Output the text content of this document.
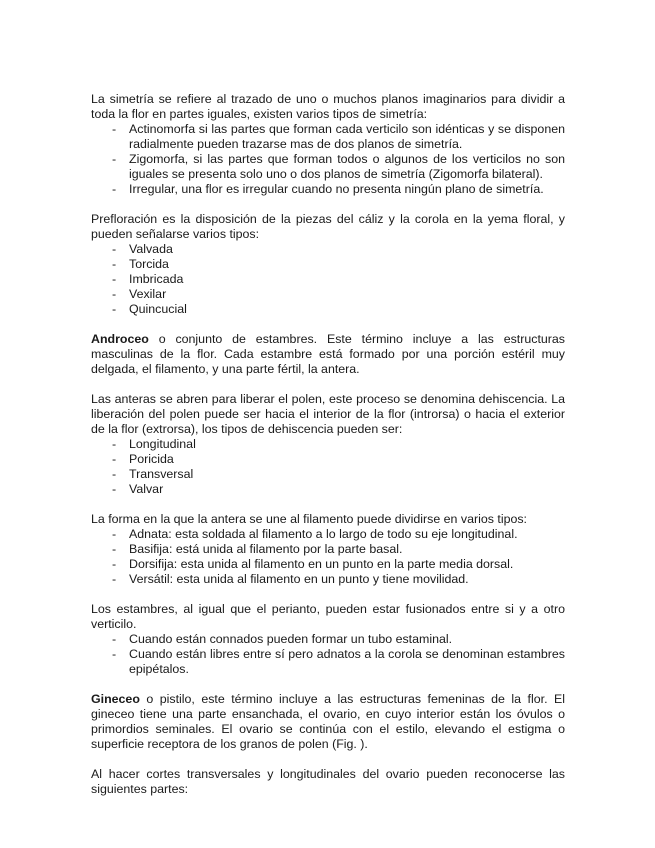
La simetría se refiere al trazado de uno o muchos planos imaginarios para dividir a toda la flor en partes iguales, existen varios tipos de simetría:

- Actinomorfa si las partes que forman cada verticilo son idénticas y se disponen radialmente pueden trazarse mas de dos planos de simetría.
- Zigomorfa, si las partes que forman todos o algunos de los verticilos no son iguales se presenta solo uno o dos planos de simetría (Zigomorfa bilateral).
- Irregular, una flor es irregular cuando no presenta ningún plano de simetría.

Prefloración es la disposición de la piezas del cáliz y la corola en la yema floral, y pueden señalarse varios tipos:

- Valvada
- Torcida
- Imbricada
- Vexilar
- Quincucial

Androceo o conjunto de estambres. Este término incluye a las estructuras masculinas de la flor. Cada estambre está formado por una porción estéril muy delgada, el filamento, y una parte fértil, la antera.

Las anteras se abren para liberar el polen, este proceso se denomina dehiscencia. La liberación del polen puede ser hacia el interior de la flor (introrsa) o hacia el exterior de la flor (extrorsa), los tipos de dehiscencia pueden ser:

- Longitudinal
- Poricida
- Transversal
- Valvar

La forma en la que la antera se une al filamento puede dividirse en varios tipos:

- Adnata: esta soldada al filamento a lo largo de todo su eje longitudinal.
- Basifija: está unida al filamento por la parte basal.
- Dorsifija: esta unida al filamento en un punto en la parte media dorsal.
- Versátil: esta unida al filamento en un punto y tiene movilidad.

Los estambres, al igual que el perianto, pueden estar fusionados entre si y a otro verticilo.

- Cuando están connados pueden formar un tubo estaminal.
- Cuando están libres entre sí pero adnatos a la corola se denominan estambres epipétalos.

Gineceo o pistilo, este término incluye a las estructuras femeninas de la flor. El gineceo tiene una parte ensanchada, el ovario, en cuyo interior están los óvulos o primordios seminales. El ovario se continúa con el estilo, elevando el estigma o superficie receptora de los granos de polen (Fig. ).

Al hacer cortes transversales y longitudinales del ovario pueden reconocerse las siguientes partes:
